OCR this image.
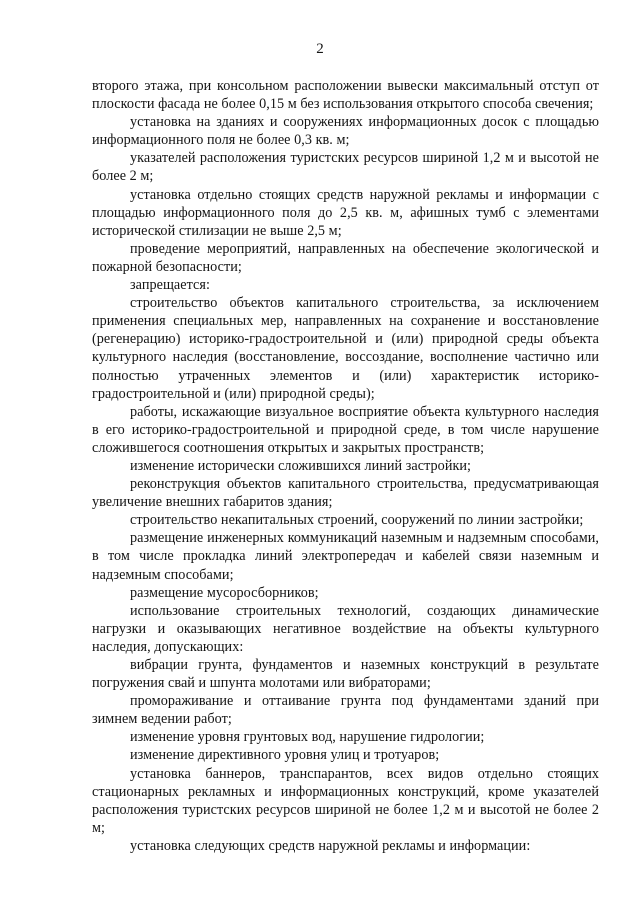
2

второго этажа, при консольном расположении вывески максимальный отступ от плоскости фасада не более 0,15 м без использования открытого способа свечения;

установка на зданиях и сооружениях информационных досок с площадью информационного поля не более 0,3 кв. м;

указателей расположения туристских ресурсов шириной 1,2 м и высотой не более 2 м;

установка отдельно стоящих средств наружной рекламы и информации с площадью информационного поля до 2,5 кв. м, афишных тумб с элементами исторической стилизации не выше 2,5 м;

проведение мероприятий, направленных на обеспечение экологической и пожарной безопасности;

запрещается:

строительство объектов капитального строительства, за исключением применения специальных мер, направленных на сохранение и восстановление (регенерацию) историко-градостроительной и (или) природной среды объекта культурного наследия (восстановление, воссоздание, восполнение частично или полностью утраченных элементов и (или) характеристик историко-градостроительной и (или) природной среды);

работы, искажающие визуальное восприятие объекта культурного наследия в его историко-градостроительной и природной среде, в том числе нарушение сложившегося соотношения открытых и закрытых пространств;

изменение исторически сложившихся линий застройки;

реконструкция объектов капитального строительства, предусматривающая увеличение внешних габаритов здания;

строительство некапитальных строений, сооружений по линии застройки;

размещение инженерных коммуникаций наземным и надземным способами, в том числе прокладка линий электропередач и кабелей связи наземным и надземным способами;

размещение мусоросборников;

использование строительных технологий, создающих динамические нагрузки и оказывающих негативное воздействие на объекты культурного наследия, допускающих:

вибрации грунта, фундаментов и наземных конструкций в результате погружения свай и шпунта молотами или вибраторами;

промораживание и оттаивание грунта под фундаментами зданий при зимнем ведении работ;

изменение уровня грунтовых вод, нарушение гидрологии;

изменение директивного уровня улиц и тротуаров;

установка баннеров, транспарантов, всех видов отдельно стоящих стационарных рекламных и информационных конструкций, кроме указателей расположения туристских ресурсов шириной не более 1,2 м и высотой не более 2 м;

установка следующих средств наружной рекламы и информации:
